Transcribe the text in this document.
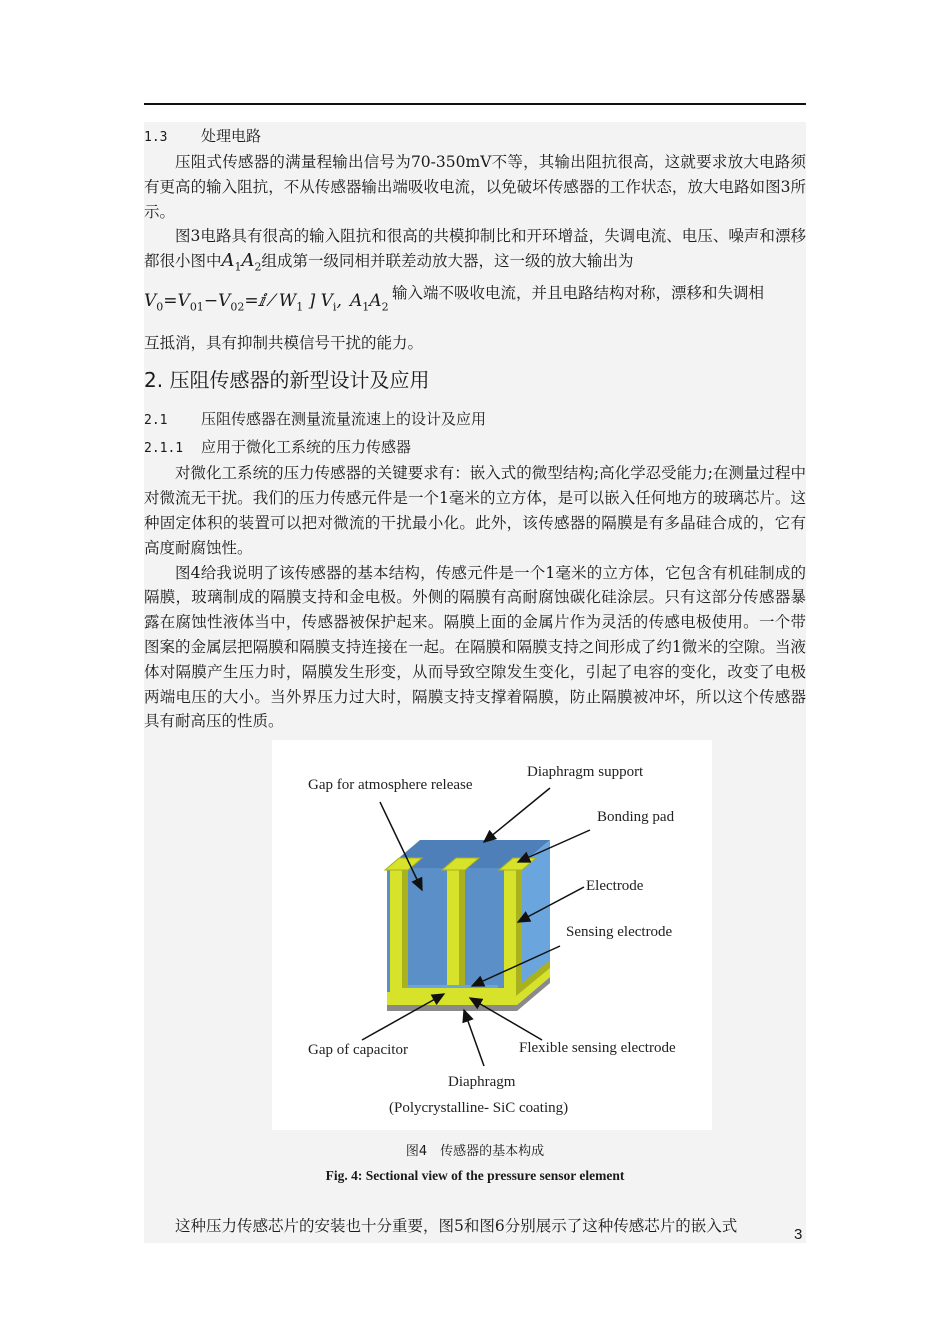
1.3 处理电路

压阻式传感器的满量程输出信号为70-350mV不等，其输出阻抗很高，这就要求放大电路须有更高的输入阻抗，不从传感器输出端吸收电流，以免破坏传感器的工作状态，放大电路如图3所示。

图3电路具有很高的输入阻抗和很高的共模抑制比和开环增益，失调电流、电压、噪声和漂移都很小图中$A_1A_2$组成第一级同相并联差动放大器，这一级的放大输出为

$V_0=V_{01}-V_{02}=ⅈ$ ⁄ $W_1$ ] $V_i$, $A_1A_2$
输入端不吸收电流，并且电路结构对称，漂移和失调相

互抵消，具有抑制共模信号干扰的能力。

2. 压阻传感器的新型设计及应用
2.1 压阻传感器在测量流量流速上的设计及应用
2.1.1 应用于微化工系统的压力传感器

对微化工系统的压力传感器的关键要求有：嵌入式的微型结构;高化学忍受能力;在测量过程中对微流无干扰。我们的压力传感元件是一个1毫米的立方体，是可以嵌入任何地方的玻璃芯片。这种固定体积的装置可以把对微流的干扰最小化。此外，该传感器的隔膜是有多晶硅合成的，它有高度耐腐蚀性。

图4给我说明了该传感器的基本结构，传感元件是一个1毫米的立方体，它包含有机硅制成的隔膜，玻璃制成的隔膜支持和金电极。外侧的隔膜有高耐腐蚀碳化硅涂层。只有这部分传感器暴露在腐蚀性液体当中，传感器被保护起来。隔膜上面的金属片作为灵活的传感电极使用。一个带图案的金属层把隔膜和隔膜支持连接在一起。在隔膜和隔膜支持之间形成了约1微米的空隙。当液体对隔膜产生压力时，隔膜发生形变，从而导致空隙发生变化，引起了电容的变化，改变了电极两端电压的大小。当外界压力过大时，隔膜支持支撑着隔膜，防止隔膜被冲坏，所以这个传感器具有耐高压的性质。

Gap for atmosphere release
Diaphragm support
Bonding pad
Electrode
Sensing electrode
Gap of capacitor	Flexible sensing electrode
Diaphragm
(Polycrystalline- SiC coating)
图4　传感器的基本构成
Fig. 4: Sectional view of the pressure sensor element

这种压力传感芯片的安装也十分重要，图5和图6分别展示了这种传感芯片的嵌入式	3
